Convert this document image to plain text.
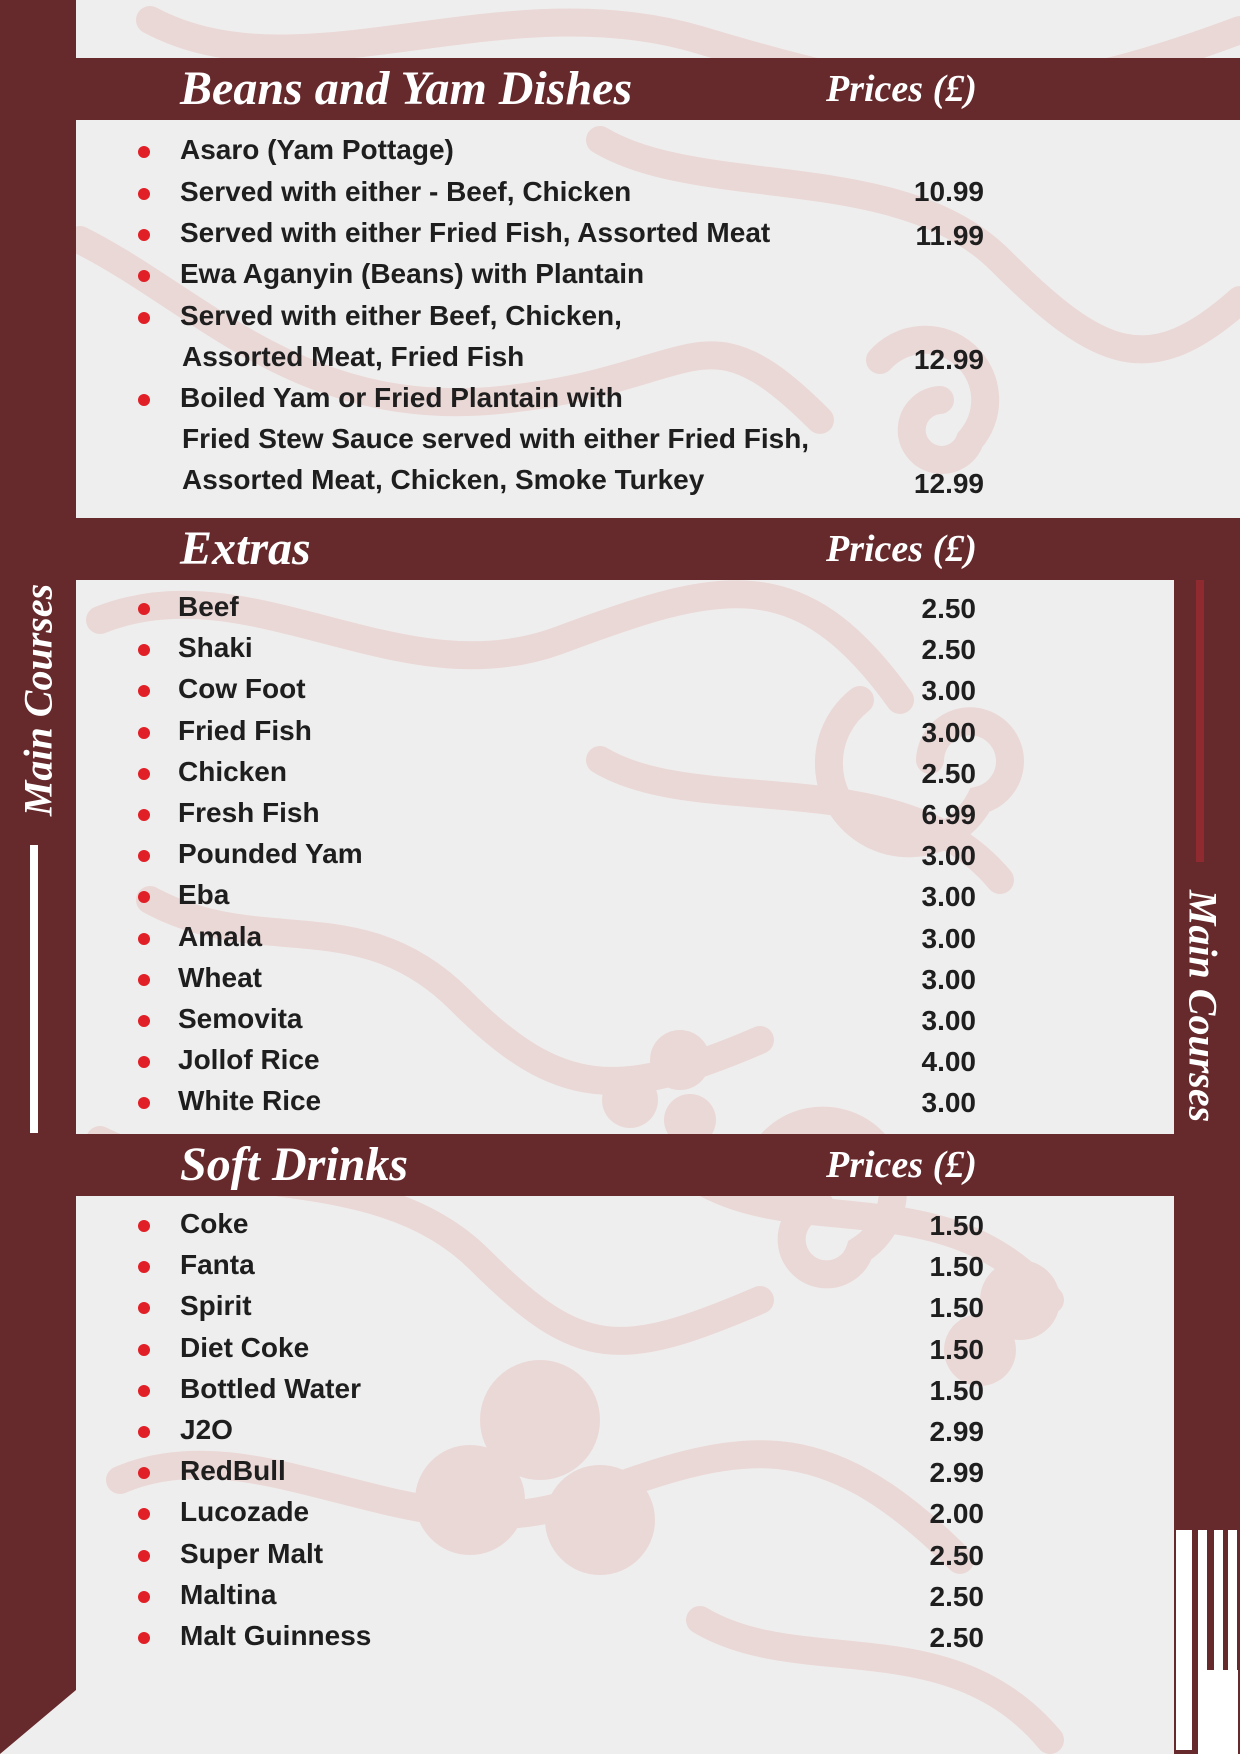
Main Courses
Main Courses
Beans and Yam Dishes	Prices (£)
Extras	Prices (£)
Soft Drinks	Prices (£)
Asaro (Yam Pottage)
Served with either - Beef, Chicken	10.99
Served with either Fried Fish, Assorted Meat	11.99
Ewa Aganyin (Beans) with Plantain
Served with either Beef, Chicken,
Assorted Meat, Fried Fish	12.99
Boiled Yam or Fried Plantain with
Fried Stew Sauce served with either Fried Fish,
Assorted Meat, Chicken, Smoke Turkey	12.99
Beef	2.50
Shaki	2.50
Cow Foot	3.00
Fried Fish	3.00
Chicken	2.50
Fresh Fish	6.99
Pounded Yam	3.00
Eba	3.00
Amala	3.00
Wheat	3.00
Semovita	3.00
Jollof Rice	4.00
White Rice	3.00
Coke	1.50
Fanta	1.50
Spirit	1.50
Diet Coke	1.50
Bottled Water	1.50
J2O	2.99
RedBull	2.99
Lucozade	2.00
Super Malt	2.50
Maltina	2.50
Malt Guinness	2.50
